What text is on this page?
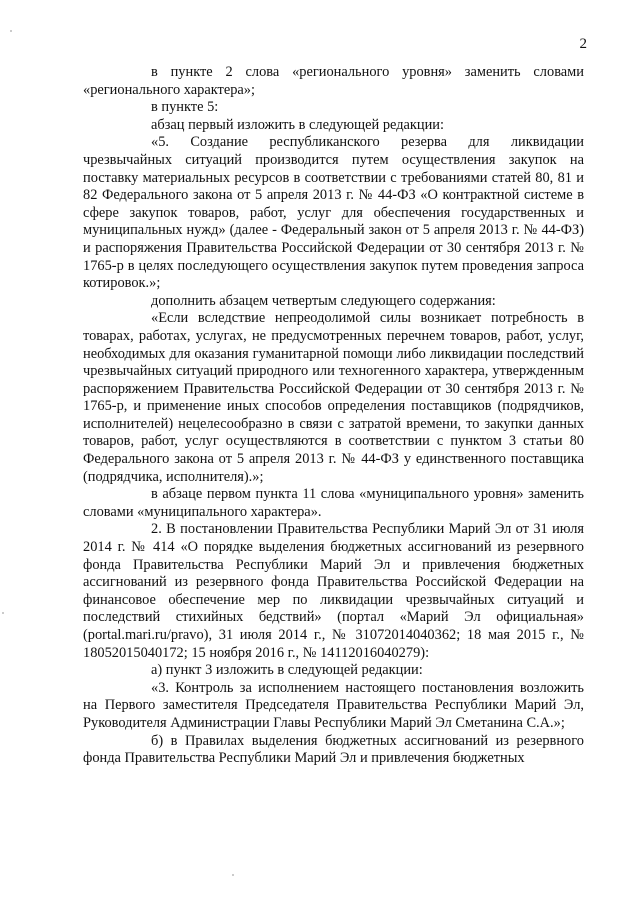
2

в пункте 2 слова «регионального уровня» заменить словами «регионального характера»;

в пункте 5:

абзац первый изложить в следующей редакции:

«5. Создание республиканского резерва для ликвидации чрезвычайных ситуаций производится путем осуществления закупок на поставку материальных ресурсов в соответствии с требованиями статей 80, 81 и 82 Федерального закона от 5 апреля 2013 г. № 44-ФЗ «О контрактной системе в сфере закупок товаров, работ, услуг для обеспечения государственных и муниципальных нужд» (далее - Федеральный закон от 5 апреля 2013 г. № 44-ФЗ) и распоряжения Правительства Российской Федерации от 30 сентября 2013 г. № 1765-р в целях последующего осуществления закупок путем проведения запроса котировок.»;

дополнить абзацем четвертым следующего содержания:

«Если вследствие непреодолимой силы возникает потребность в товарах, работах, услугах, не предусмотренных перечнем товаров, работ, услуг, необходимых для оказания гуманитарной помощи либо ликвидации последствий чрезвычайных ситуаций природного или техногенного характера, утвержденным распоряжением Правительства Российской Федерации от 30 сентября 2013 г. № 1765-р, и применение иных способов определения поставщиков (подрядчиков, исполнителей) нецелесообразно в связи с затратой времени, то закупки данных товаров, работ, услуг осуществляются в соответствии с пунктом 3 статьи 80 Федерального закона от 5 апреля 2013 г. № 44-ФЗ у единственного поставщика (подрядчика, исполнителя).»;

в абзаце первом пункта 11 слова «муниципального уровня» заменить словами «муниципального характера».

2. В постановлении Правительства Республики Марий Эл от 31 июля 2014 г. № 414 «О порядке выделения бюджетных ассигнований из резервного фонда Правительства Республики Марий Эл и привлечения бюджетных ассигнований из резервного фонда Правительства Российской Федерации на финансовое обеспечение мер по ликвидации чрезвычайных ситуаций и последствий стихийных бедствий» (портал «Марий Эл официальная» (portal.mari.ru/pravo), 31 июля 2014 г., № 31072014040362; 18 мая 2015 г., № 18052015040172; 15 ноября 2016 г., № 14112016040279):

а) пункт 3 изложить в следующей редакции:

«3. Контроль за исполнением настоящего постановления возложить на Первого заместителя Председателя Правительства Республики Марий Эл, Руководителя Администрации Главы Республики Марий Эл Сметанина С.А.»;

б) в Правилах выделения бюджетных ассигнований из резервного фонда Правительства Республики Марий Эл и привлечения бюджетных
